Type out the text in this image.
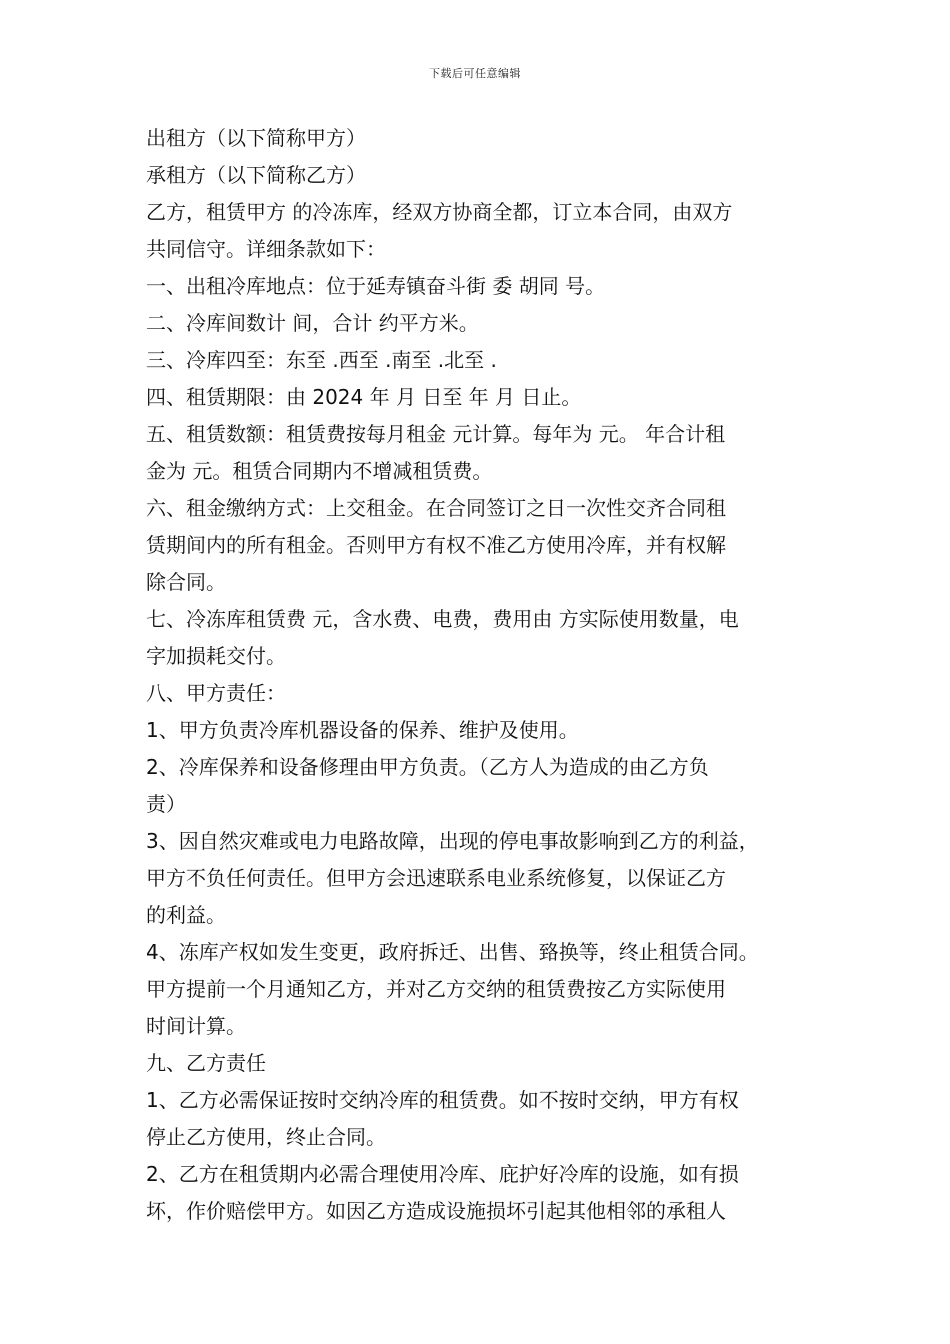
下载后可任意编辑
出租方（以下简称甲方）
承租方（以下简称乙方）
乙方，租赁甲方 的冷冻库，经双方协商全都，订立本合同，由双方
共同信守。详细条款如下：
一、出租冷库地点：位于延寿镇奋斗街 委 胡同 号。
二、冷库间数计 间，合计 约平方米。
三、冷库四至：东至 .西至 .南至 .北至 .
四、租赁期限：由 2024 年 月 日至 年 月 日止。
五、租赁数额：租赁费按每月租金 元计算。每年为 元。 年合计租
金为 元。租赁合同期内不增减租赁费。
六、租金缴纳方式：上交租金。在合同签订之日一次性交齐合同租
赁期间内的所有租金。否则甲方有权不准乙方使用冷库，并有权解
除合同。
七、冷冻库租赁费 元，含水费、电费，费用由 方实际使用数量，电
字加损耗交付。
八、甲方责任：
1、甲方负责冷库机器设备的保养、维护及使用。
2、冷库保养和设备修理由甲方负责。（乙方人为造成的由乙方负
责）
3、因自然灾难或电力电路故障，出现的停电事故影响到乙方的利益，
甲方不负任何责任。但甲方会迅速联系电业系统修复，以保证乙方
的利益。
4、冻库产权如发生变更，政府拆迁、出售、臵换等，终止租赁合同。
甲方提前一个月通知乙方，并对乙方交纳的租赁费按乙方实际使用
时间计算。
九、乙方责任
1、乙方必需保证按时交纳冷库的租赁费。如不按时交纳，甲方有权
停止乙方使用，终止合同。
2、乙方在租赁期内必需合理使用冷库、庇护好冷库的设施，如有损
坏，作价赔偿甲方。如因乙方造成设施损坏引起其他相邻的承租人
